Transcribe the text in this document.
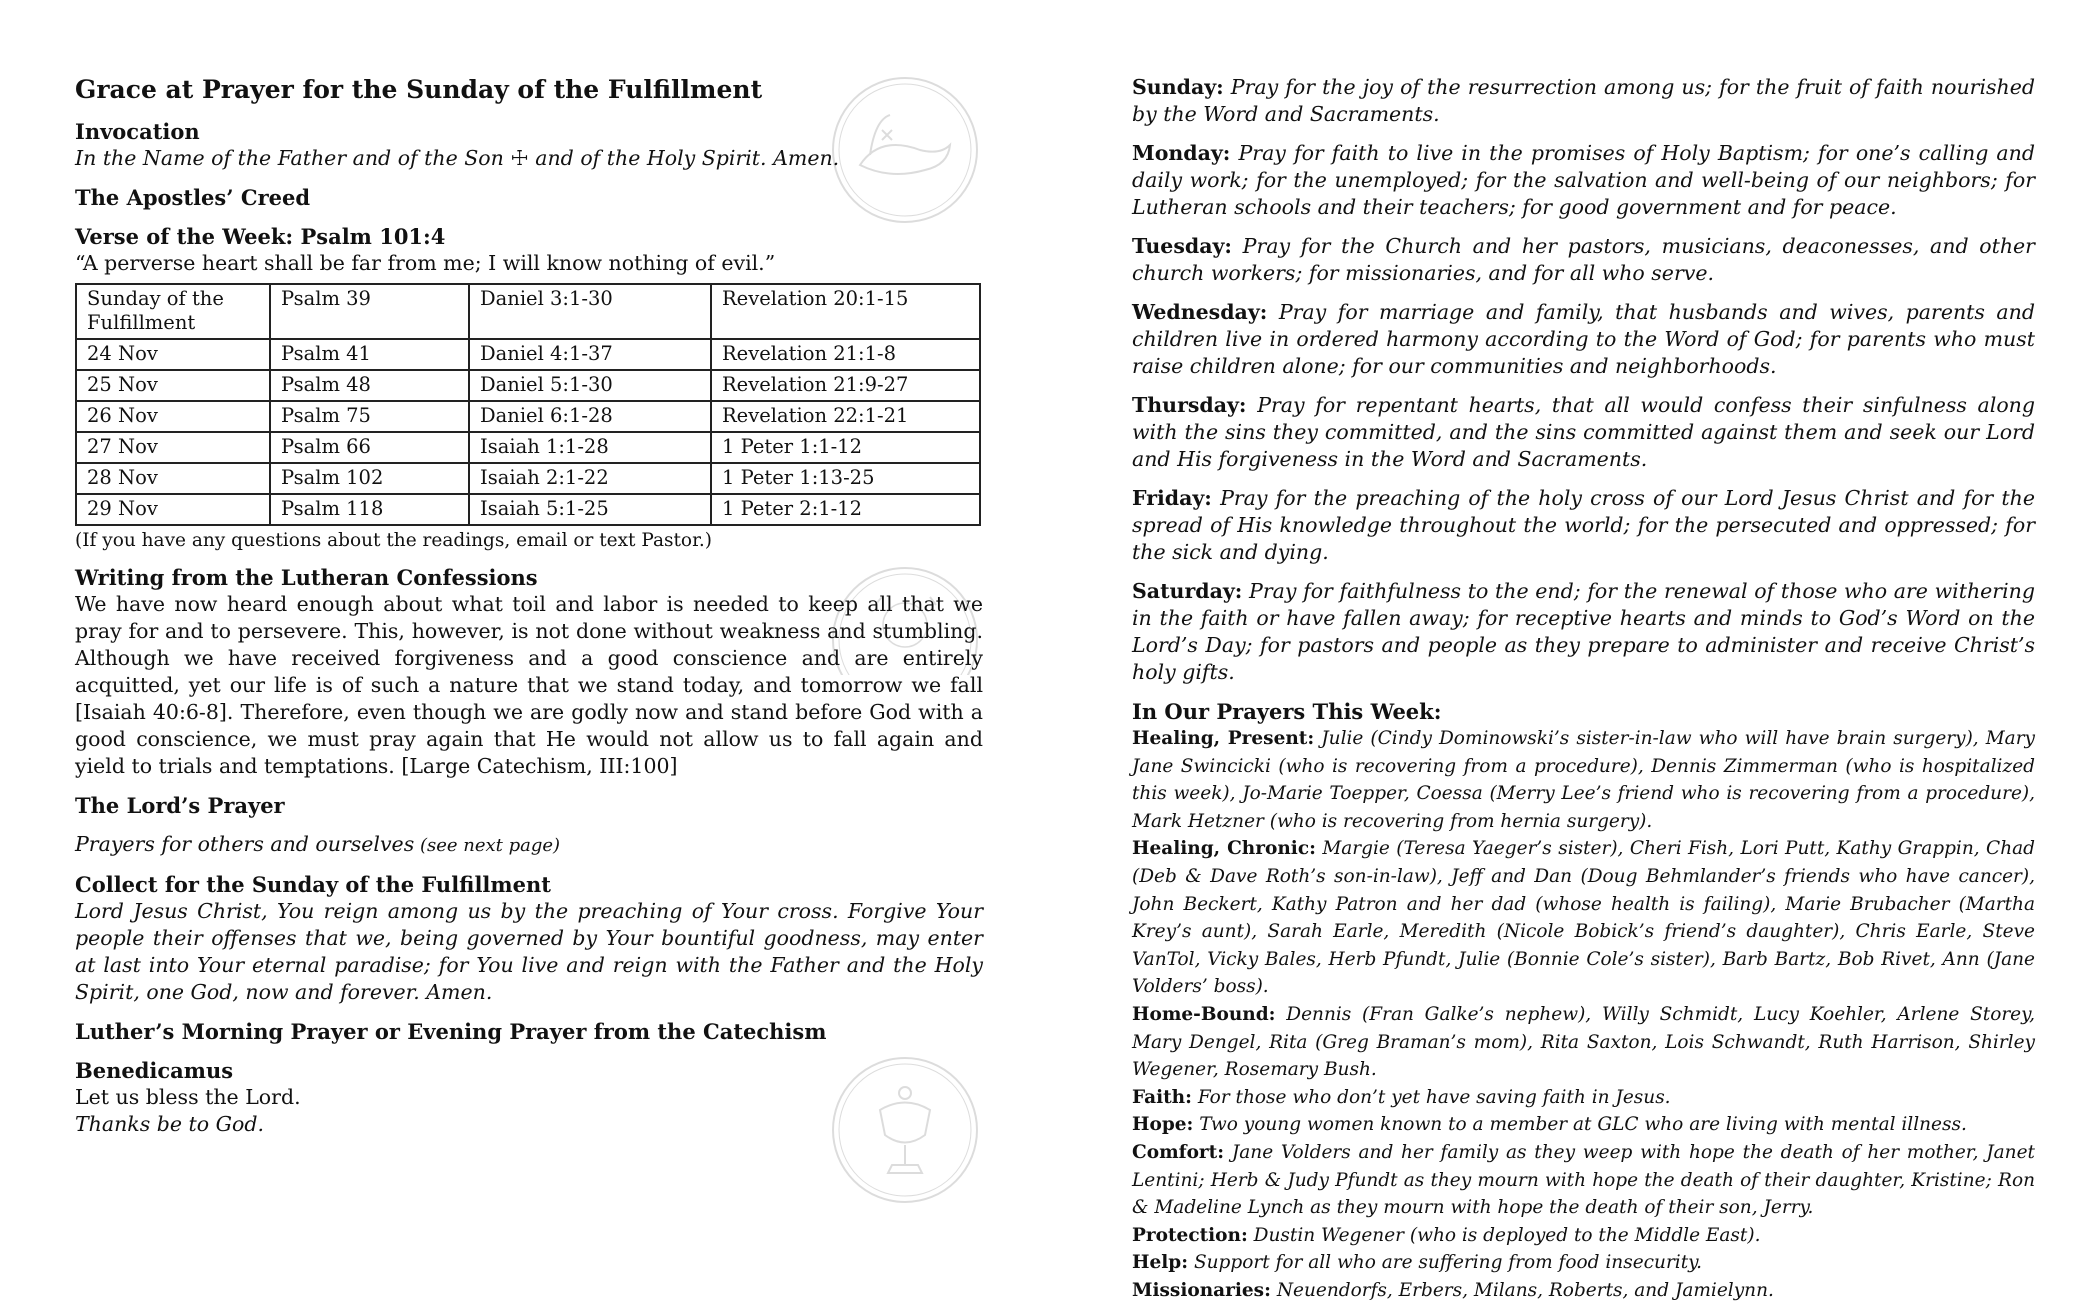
Grace at Prayer for the Sunday of the Fulfillment

Invocation

In the Name of the Father and of the Son ☩ and of the Holy Spirit. Amen.

The Apostles’ Creed

Verse of the Week: Psalm 101:4

“A perverse heart shall be far from me; I will know nothing of evil.”

Sunday of the Fulfillment	Psalm 39	Daniel 3:1-30	Revelation 20:1-15
24 Nov	Psalm 41	Daniel 4:1-37	Revelation 21:1-8
25 Nov	Psalm 48	Daniel 5:1-30	Revelation 21:9-27
26 Nov	Psalm 75	Daniel 6:1-28	Revelation 22:1-21
27 Nov	Psalm 66	Isaiah 1:1-28	1 Peter 1:1-12
28 Nov	Psalm 102	Isaiah 2:1-22	1 Peter 1:13-25
29 Nov	Psalm 118	Isaiah 5:1-25	1 Peter 2:1-12

(If you have any questions about the readings, email or text Pastor.)

Writing from the Lutheran Confessions

We have now heard enough about what toil and labor is needed to keep all that we pray for and to persevere. This, however, is not done without weakness and stumbling. Although we have received forgiveness and a good conscience and are entirely acquitted, yet our life is of such a nature that we stand today, and tomorrow we fall [Isaiah 40:6-8]. Therefore, even though we are godly now and stand before God with a good conscience, we must pray again that He would not allow us to fall again and yield to trials and temptations. [Large Catechism, III:100]

The Lord’s Prayer

Prayers for others and ourselves (see next page)

Collect for the Sunday of the Fulfillment

Lord Jesus Christ, You reign among us by the preaching of Your cross. Forgive Your people their offenses that we, being governed by Your bountiful goodness, may enter at last into Your eternal paradise; for You live and reign with the Father and the Holy Spirit, one God, now and forever. Amen.

Luther’s Morning Prayer or Evening Prayer from the Catechism

Benedicamus

Let us bless the Lord.

Thanks be to God.

Sunday: Pray for the joy of the resurrection among us; for the fruit of faith nourished by the Word and Sacraments.

Monday: Pray for faith to live in the promises of Holy Baptism; for one’s calling and daily work; for the unemployed; for the salvation and well-being of our neighbors; for Lutheran schools and their teachers; for good government and for peace.

Tuesday: Pray for the Church and her pastors, musicians, deaconesses, and other church workers; for missionaries, and for all who serve.

Wednesday: Pray for marriage and family, that husbands and wives, parents and children live in ordered harmony according to the Word of God; for parents who must raise children alone; for our communities and neighborhoods.

Thursday: Pray for repentant hearts, that all would confess their sinfulness along with the sins they committed, and the sins committed against them and seek our Lord and His forgiveness in the Word and Sacraments.

Friday: Pray for the preaching of the holy cross of our Lord Jesus Christ and for the spread of His knowledge throughout the world; for the persecuted and oppressed; for the sick and dying.

Saturday: Pray for faithfulness to the end; for the renewal of those who are withering in the faith or have fallen away; for receptive hearts and minds to God’s Word on the Lord’s Day; for pastors and people as they prepare to administer and receive Christ’s holy gifts.

In Our Prayers This Week:

Healing, Present: Julie (Cindy Dominowski’s sister-in-law who will have brain surgery), Mary Jane Swincicki (who is recovering from a procedure), Dennis Zimmerman (who is hospitalized this week), Jo-Marie Toepper, Coessa (Merry Lee’s friend who is recovering from a procedure), Mark Hetzner (who is recovering from hernia surgery).

Healing, Chronic: Margie (Teresa Yaeger’s sister), Cheri Fish, Lori Putt, Kathy Grappin, Chad (Deb & Dave Roth’s son-in-law), Jeff and Dan (Doug Behmlander’s friends who have cancer), John Beckert, Kathy Patron and her dad (whose health is failing), Marie Brubacher (Martha Krey’s aunt), Sarah Earle, Meredith (Nicole Bobick’s friend’s daughter), Chris Earle, Steve VanTol, Vicky Bales, Herb Pfundt, Julie (Bonnie Cole’s sister), Barb Bartz, Bob Rivet, Ann (Jane Volders’ boss).

Home-Bound: Dennis (Fran Galke’s nephew), Willy Schmidt, Lucy Koehler, Arlene Storey, Mary Dengel, Rita (Greg Braman’s mom), Rita Saxton, Lois Schwandt, Ruth Harrison, Shirley Wegener, Rosemary Bush.

Faith: For those who don’t yet have saving faith in Jesus.

Hope: Two young women known to a member at GLC who are living with mental illness.

Comfort: Jane Volders and her family as they weep with hope the death of her mother, Janet Lentini; Herb & Judy Pfundt as they mourn with hope the death of their daughter, Kristine; Ron & Madeline Lynch as they mourn with hope the death of their son, Jerry.

Protection: Dustin Wegener (who is deployed to the Middle East).

Help: Support for all who are suffering from food insecurity.

Missionaries: Neuendorfs, Erbers, Milans, Roberts, and Jamielynn.
